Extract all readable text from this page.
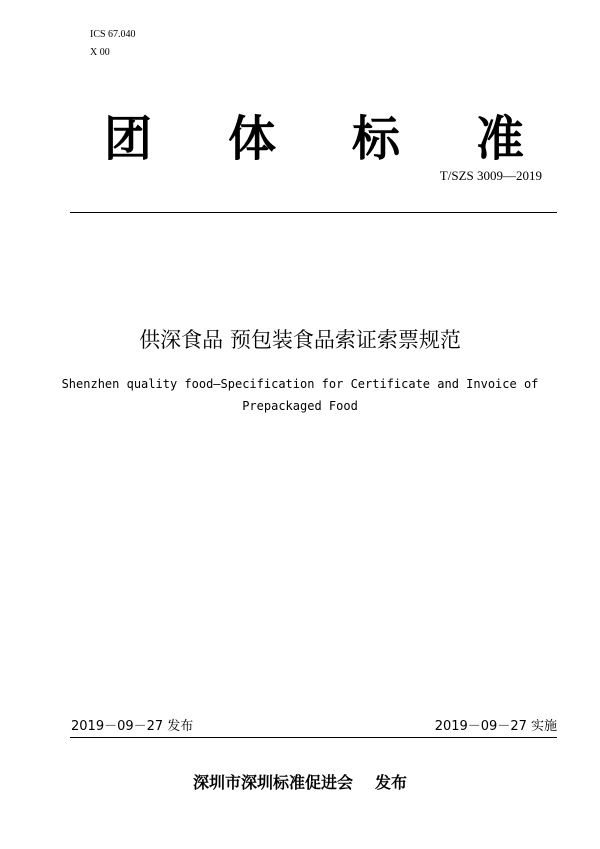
ICS 67.040
X 00
团 体 标 准
T/SZS 3009—2019
供深食品 预包装食品索证索票规范
Shenzhen quality food—Specification for Certificate and Invoice of
Prepackaged Food
2019－09－27 发布	2019－09－27 实施
深圳市深圳标准促进会 发布
